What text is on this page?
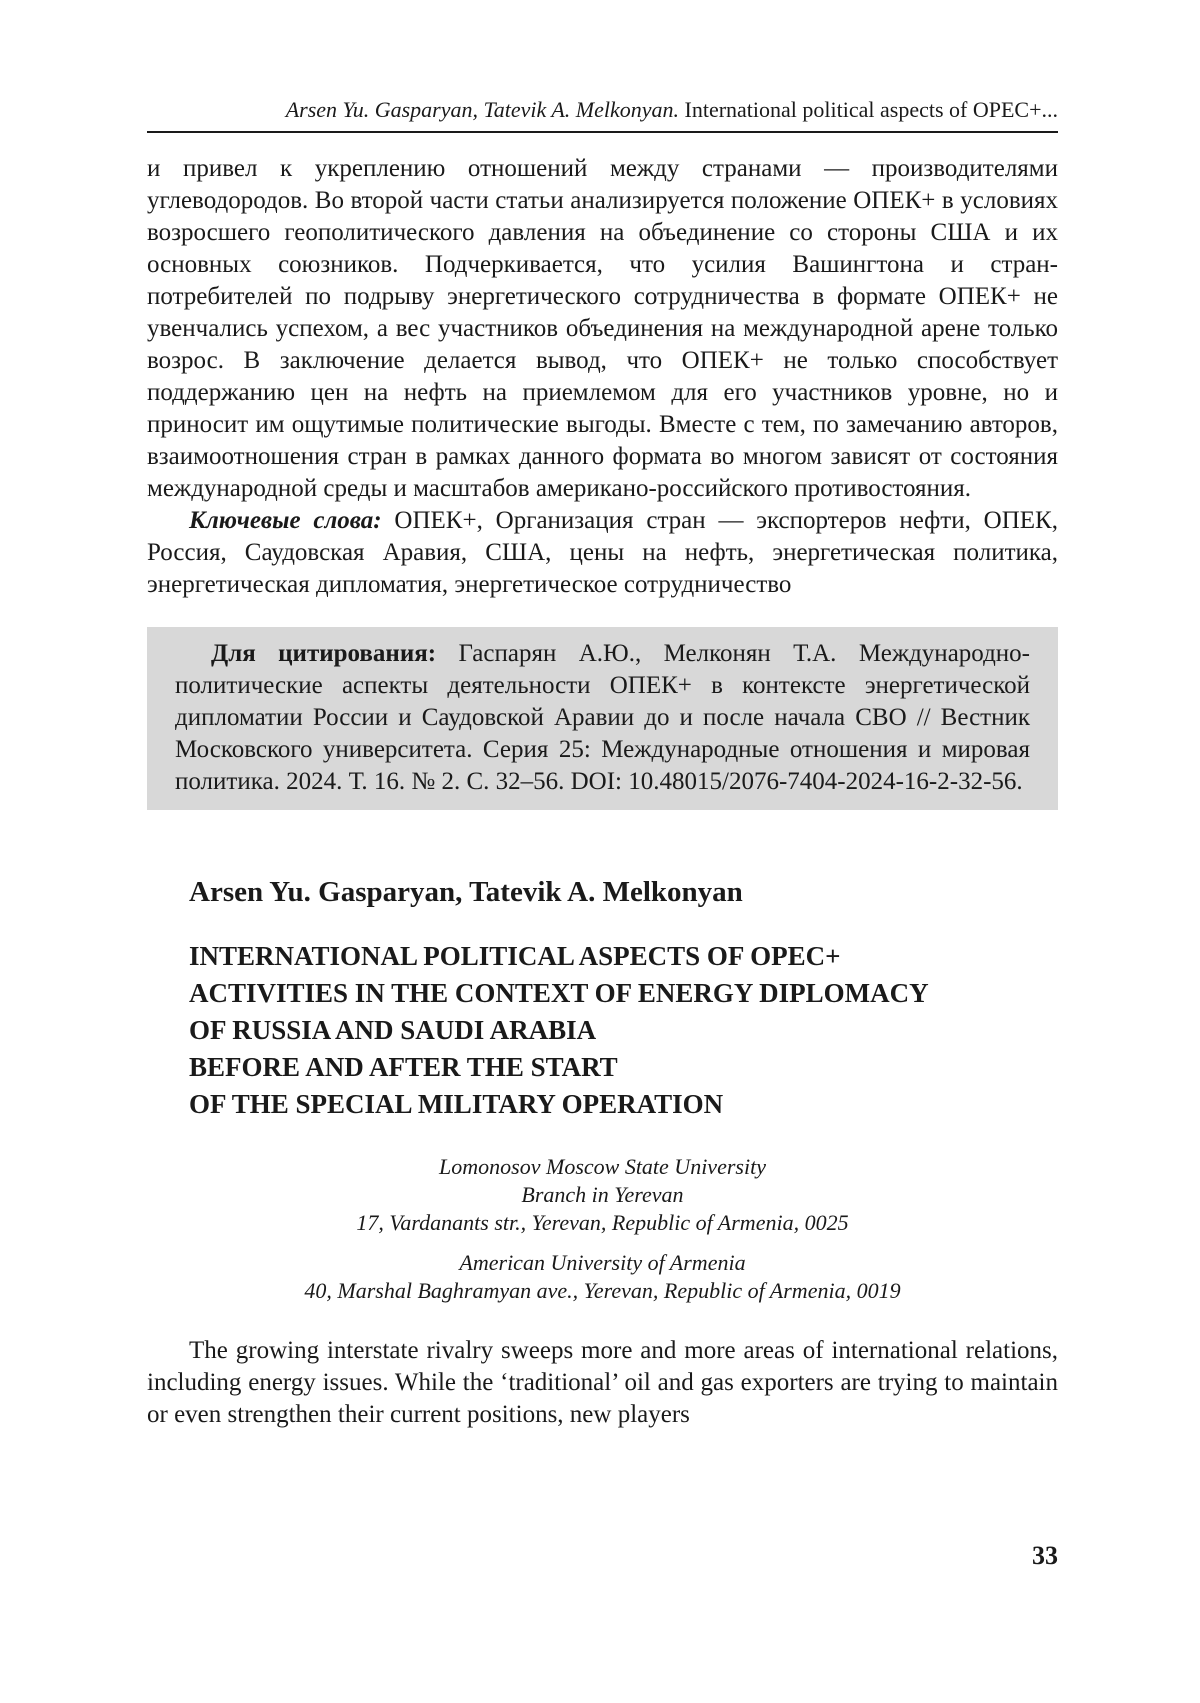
Arsen Yu. Gasparyan, Tatevik A. Melkonyan. International political aspects of OPEC+...

и привел к укреплению отношений между странами — производителями углеводородов. Во второй части статьи анализируется положение ОПЕК+ в условиях возросшего геополитического давления на объединение со стороны США и их основных союзников. Подчеркивается, что усилия Вашингтона и стран-потребителей по подрыву энергетического сотрудничества в формате ОПЕК+ не увенчались успехом, а вес участников объединения на международной арене только возрос. В заключение делается вывод, что ОПЕК+ не только способствует поддержанию цен на нефть на приемлемом для его участников уровне, но и приносит им ощутимые политические выгоды. Вместе с тем, по замечанию авторов, взаимоотношения стран в рамках данного формата во многом зависят от состояния международной среды и масштабов американо-российского противостояния.

Ключевые слова: ОПЕК+, Организация стран — экспортеров нефти, ОПЕК, Россия, Саудовская Аравия, США, цены на нефть, энергетическая политика, энергетическая дипломатия, энергетическое сотрудничество

Для цитирования: Гаспарян А.Ю., Мелконян Т.А. Международно-политические аспекты деятельности ОПЕК+ в контексте энергетической дипломатии России и Саудовской Аравии до и после начала СВО // Вестник Московского университета. Серия 25: Международные отношения и мировая политика. 2024. Т. 16. № 2. С. 32–56. DOI: 10.48015/2076-7404-2024-16-2-32-56.
Arsen Yu. Gasparyan, Tatevik A. Melkonyan
INTERNATIONAL POLITICAL ASPECTS OF OPEC+
ACTIVITIES IN THE CONTEXT OF ENERGY DIPLOMACY
OF RUSSIA AND SAUDI ARABIA
BEFORE AND AFTER THE START
OF THE SPECIAL MILITARY OPERATION
Lomonosov Moscow State University
Branch in Yerevan
17, Vardanants str., Yerevan, Republic of Armenia, 0025
American University of Armenia
40, Marshal Baghramyan ave., Yerevan, Republic of Armenia, 0019

The growing interstate rivalry sweeps more and more areas of international relations, including energy issues. While the ‘traditional’ oil and gas exporters are trying to maintain or even strengthen their current positions, new players

33
